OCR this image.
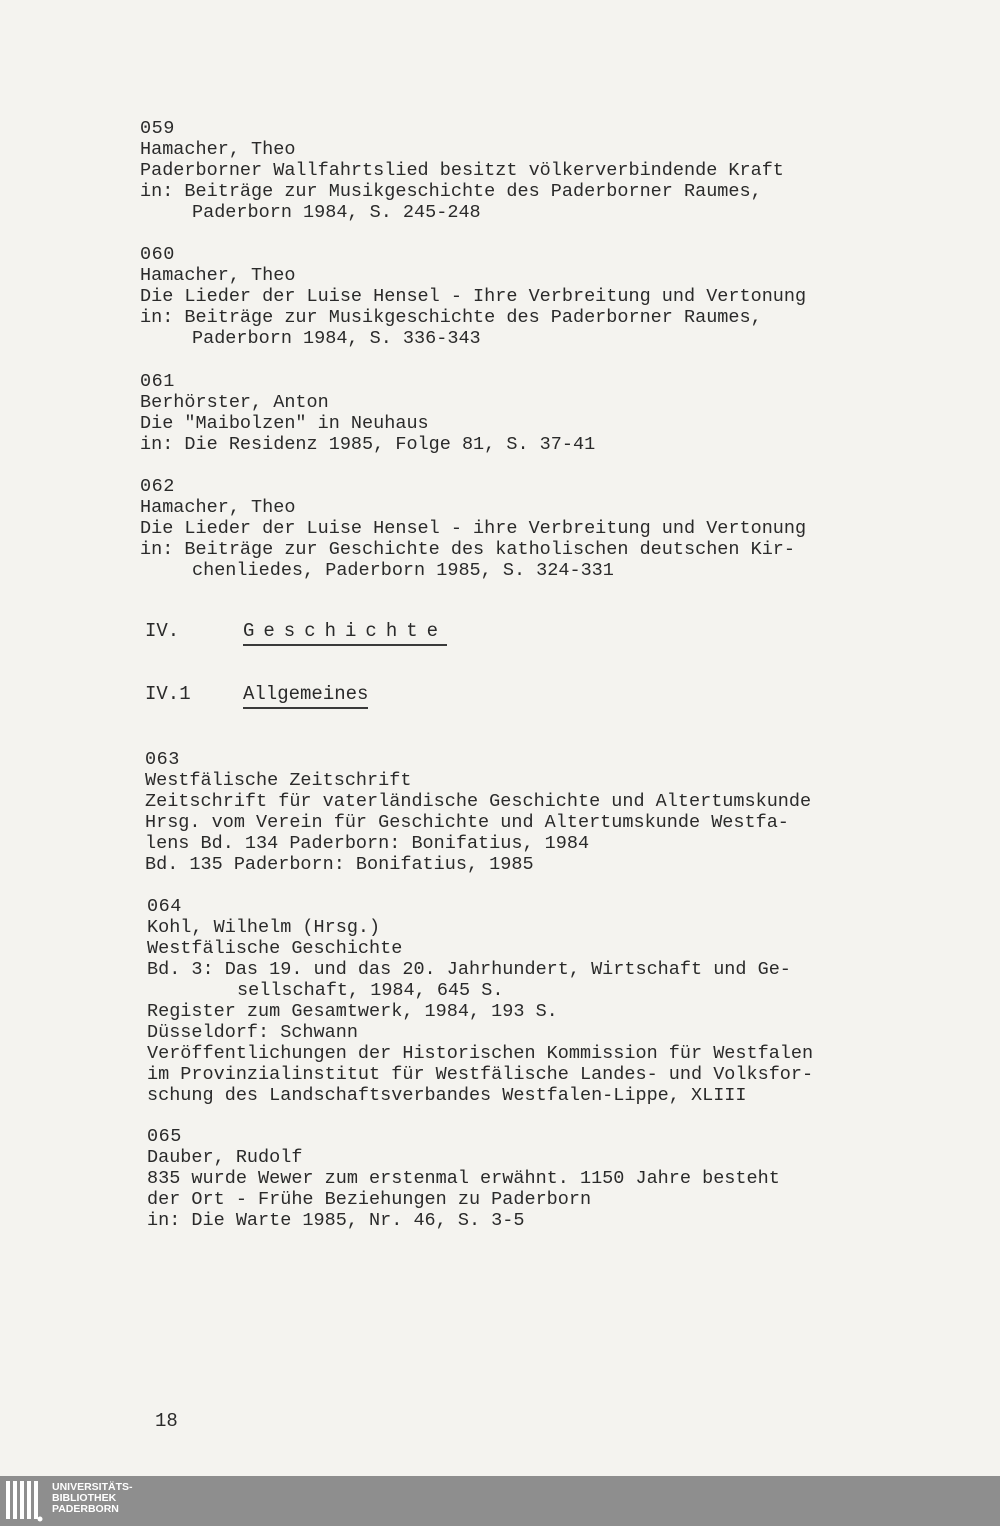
059
Hamacher, Theo
Paderborner Wallfahrtslied besitzt völkerverbindende Kraft
in: Beiträge zur Musikgeschichte des Paderborner Raumes,
Paderborn 1984, S. 245-248
060
Hamacher, Theo
Die Lieder der Luise Hensel - Ihre Verbreitung und Vertonung
in: Beiträge zur Musikgeschichte des Paderborner Raumes,
Paderborn 1984, S. 336-343
061
Berhörster, Anton
Die "Maibolzen" in Neuhaus
in: Die Residenz 1985, Folge 81, S. 37-41
062
Hamacher, Theo
Die Lieder der Luise Hensel - ihre Verbreitung und Vertonung
in: Beiträge zur Geschichte des katholischen deutschen Kir-
chenliedes, Paderborn 1985, S. 324-331
IV.	Geschichte
IV.1	Allgemeines
063
Westfälische Zeitschrift
Zeitschrift für vaterländische Geschichte und Altertumskunde
Hrsg. vom Verein für Geschichte und Altertumskunde Westfa-
lens Bd. 134 Paderborn: Bonifatius, 1984
Bd. 135 Paderborn: Bonifatius, 1985
064
Kohl, Wilhelm (Hrsg.)
Westfälische Geschichte
Bd. 3: Das 19. und das 20. Jahrhundert, Wirtschaft und Ge-
sellschaft, 1984, 645 S.
Register zum Gesamtwerk, 1984, 193 S.
Düsseldorf: Schwann
Veröffentlichungen der Historischen Kommission für Westfalen
im Provinzialinstitut für Westfälische Landes- und Volksfor-
schung des Landschaftsverbandes Westfalen-Lippe, XLIII
065
Dauber, Rudolf
835 wurde Wewer zum erstenmal erwähnt. 1150 Jahre besteht
der Ort - Frühe Beziehungen zu Paderborn
in: Die Warte 1985, Nr. 46, S. 3-5
18
UNIVERSITÄTS-
BIBLIOTHEK
PADERBORN
